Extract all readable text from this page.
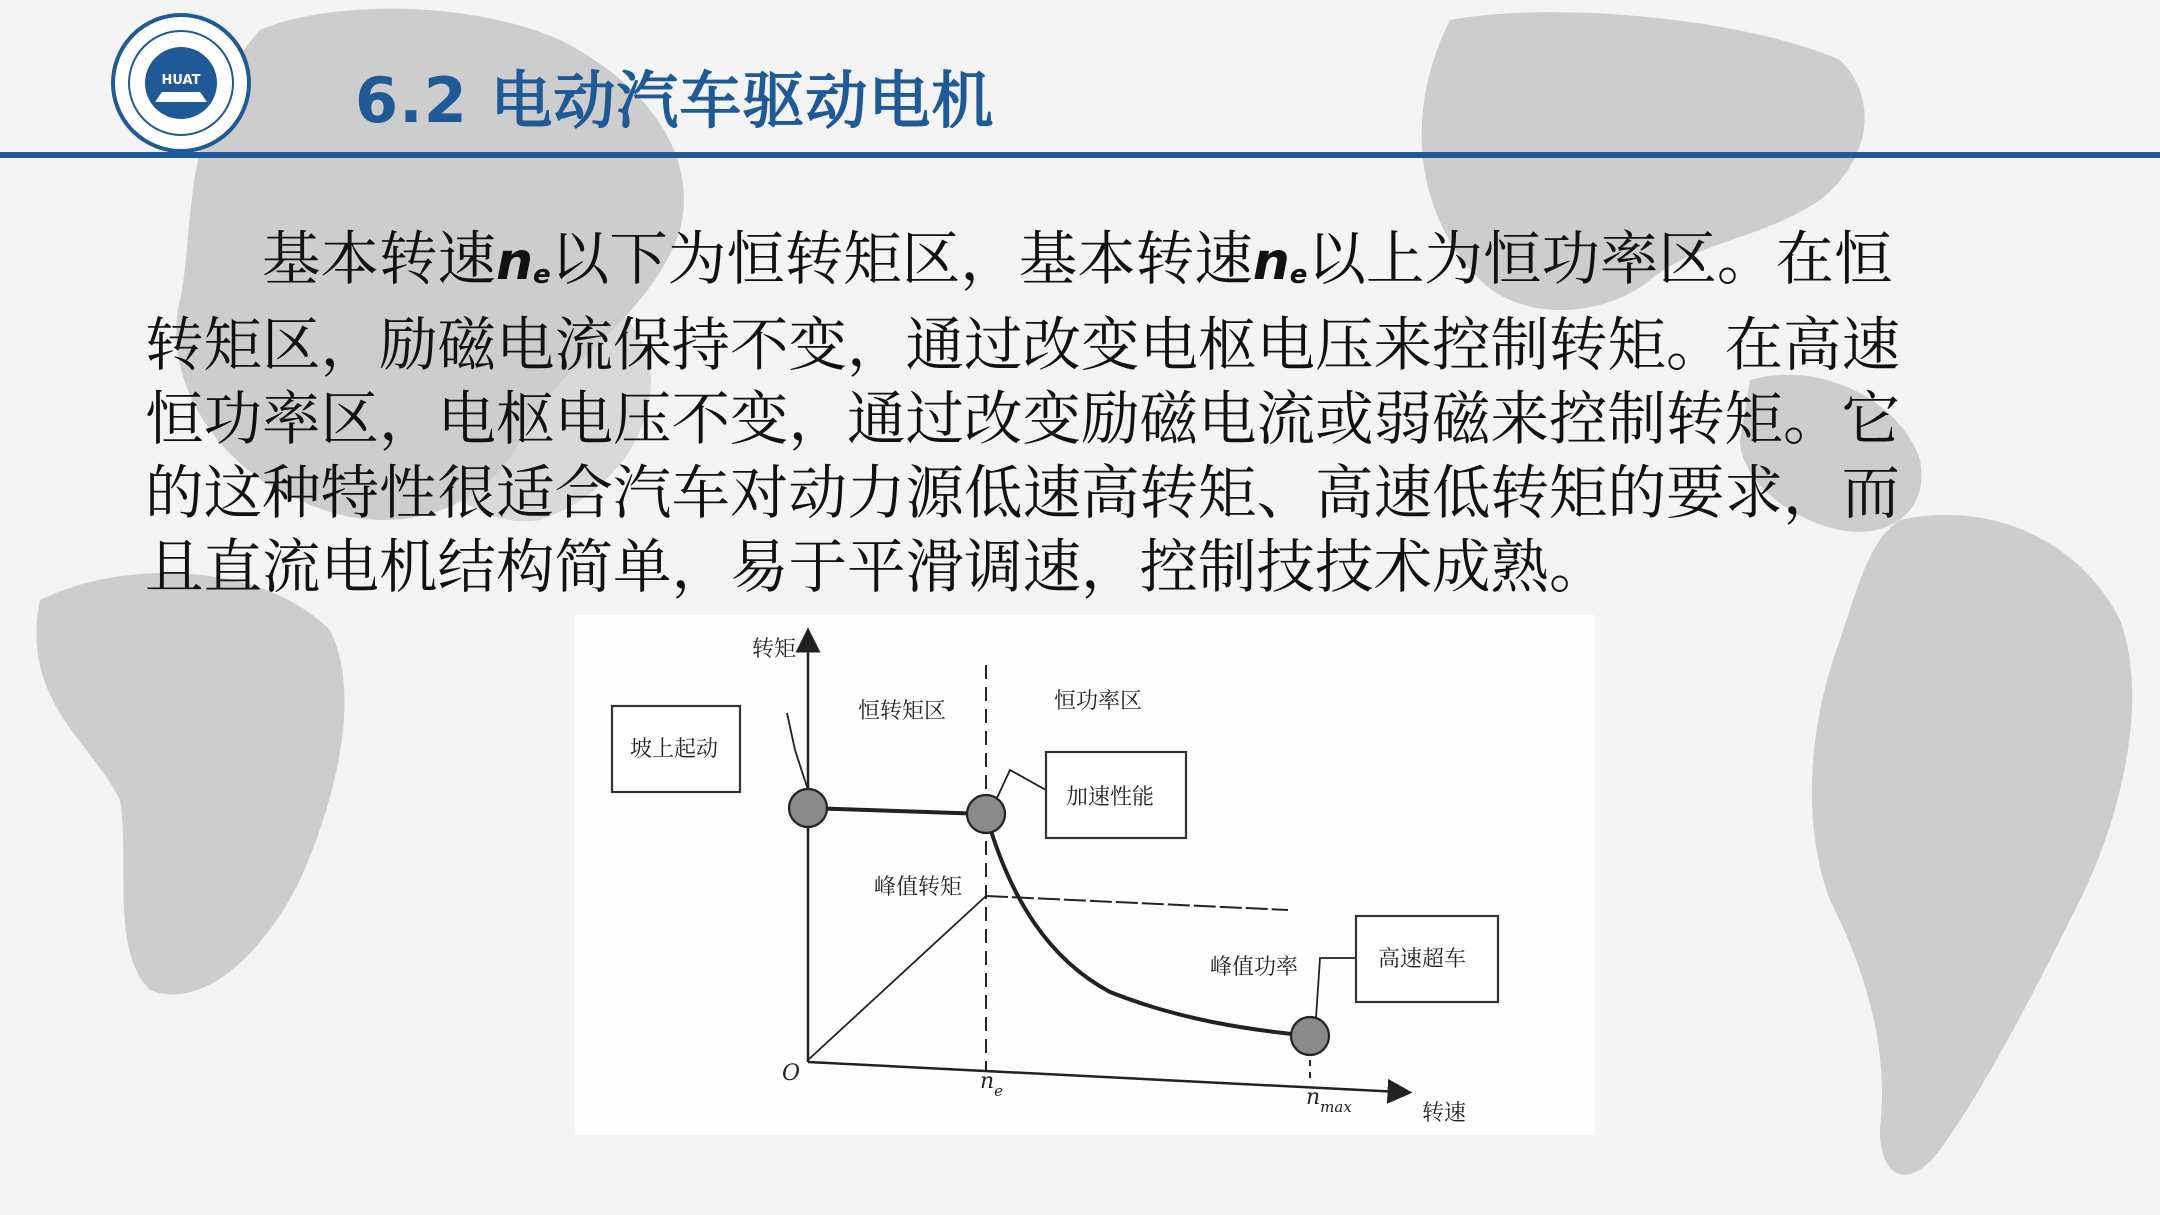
HUAT 6.2 电动汽车驱动电机
基本转速$n_e$以下为恒转矩区，基本转速$n_e$以上为恒功率区。在恒
转矩区，励磁电流保持不变，通过改变电枢电压来控制转矩。在高速
恒功率区，电枢电压不变，通过改变励磁电流或弱磁来控制转矩。它
的这种特性很适合汽车对动力源低速高转矩、高速低转矩的要求，而
且直流电机结构简单，易于平滑调速，控制技技术成熟。
转矩
转速
O	$n_e$	$n_{max}$
恒转矩区	恒功率区
峰值转矩
峰值功率
坡上起动
加速性能
高速超车
